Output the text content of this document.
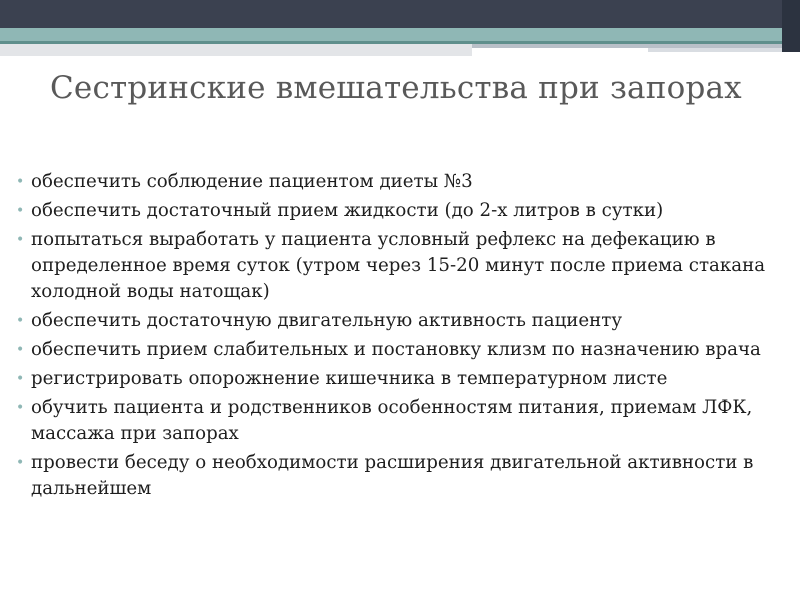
Сестринские вмешательства при запорах
• обеспечить соблюдение пациентом диеты №3
• обеспечить достаточный прием жидкости (до 2-х литров в сутки)
• попытаться выработать у пациента условный рефлекс на дефекацию в определенное время суток (утром через 15-20 минут после приема стакана холодной воды натощак)
• обеспечить достаточную двигательную активность пациенту
• обеспечить прием слабительных и постановку клизм по назначению врача
• регистрировать опорожнение кишечника в температурном листе
• обучить пациента и родственников особенностям питания, приемам ЛФК, массажа при запорах
• провести беседу о необходимости расширения двигательной активности в дальнейшем
